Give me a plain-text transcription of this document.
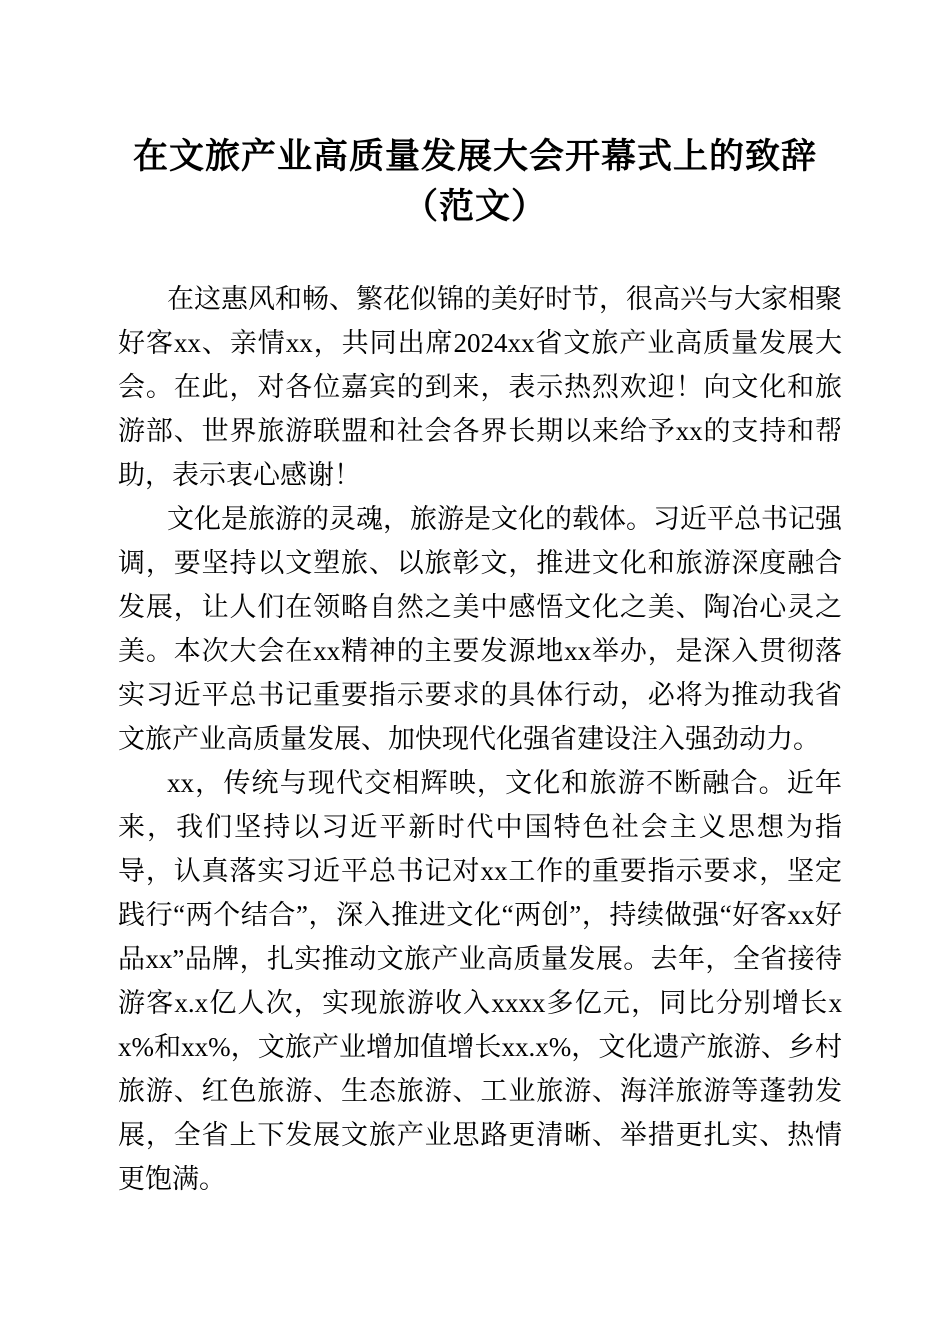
在文旅产业高质量发展大会开幕式上的致辞
（范文）

在这惠风和畅、繁花似锦的美好时节，很高兴与大家相聚好客xx、亲情xx，共同出席2024xx省文旅产业高质量发展大会。在此，对各位嘉宾的到来，表示热烈欢迎！向文化和旅游部、世界旅游联盟和社会各界长期以来给予xx的支持和帮助，表示衷心感谢！

文化是旅游的灵魂，旅游是文化的载体。习近平总书记强调，要坚持以文塑旅、以旅彰文，推进文化和旅游深度融合发展，让人们在领略自然之美中感悟文化之美、陶冶心灵之美。本次大会在xx精神的主要发源地xx举办，是深入贯彻落实习近平总书记重要指示要求的具体行动，必将为推动我省文旅产业高质量发展、加快现代化强省建设注入强劲动力。

xx，传统与现代交相辉映，文化和旅游不断融合。近年来，我们坚持以习近平新时代中国特色社会主义思想为指导，认真落实习近平总书记对xx工作的重要指示要求，坚定践行“两个结合”，深入推进文化“两创”，持续做强“好客xx好品xx”品牌，扎实推动文旅产业高质量发展。去年，全省接待游客x.x亿人次，实现旅游收入xxxx多亿元，同比分别增长xx%和xx%，文旅产业增加值增长xx.x%，文化遗产旅游、乡村旅游、红色旅游、生态旅游、工业旅游、海洋旅游等蓬勃发展，全省上下发展文旅产业思路更清晰、举措更扎实、热情更饱满。
